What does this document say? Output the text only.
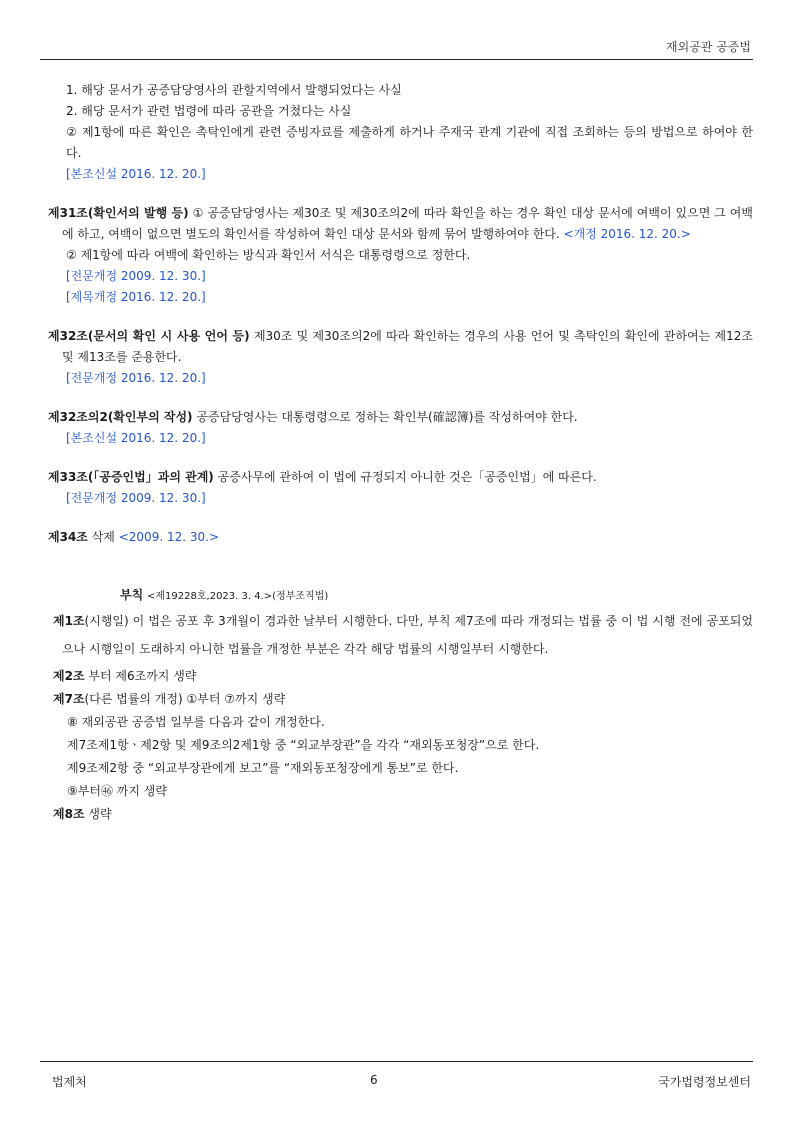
재외공관 공증법
1. 해당 문서가 공증담당영사의 관할지역에서 발행되었다는 사실
2. 해당 문서가 관련 법령에 따라 공관을 거쳤다는 사실
② 제1항에 따른 확인은 촉탁인에게 관련 증빙자료를 제출하게 하거나 주재국 관계 기관에 직접 조회하는 등의 방법으로 하여야 한다.
[본조신설 2016. 12. 20.]
제31조(확인서의 발행 등) ① 공증담당영사는 제30조 및 제30조의2에 따라 확인을 하는 경우 확인 대상 문서에 여백이 있으면 그 여백에 하고, 여백이 없으면 별도의 확인서를 작성하여 확인 대상 문서와 함께 묶어 발행하여야 한다. <개정 2016. 12. 20.>
② 제1항에 따라 여백에 확인하는 방식과 확인서 서식은 대통령령으로 정한다.
[전문개정 2009. 12. 30.]
[제목개정 2016. 12. 20.]
제32조(문서의 확인 시 사용 언어 등) 제30조 및 제30조의2에 따라 확인하는 경우의 사용 언어 및 촉탁인의 확인에 관하여는 제12조 및 제13조를 준용한다.
[전문개정 2016. 12. 20.]
제32조의2(확인부의 작성) 공증담당영사는 대통령령으로 정하는 확인부(確認簿)를 작성하여야 한다.
[본조신설 2016. 12. 20.]
제33조(「공증인법」과의 관계) 공증사무에 관하여 이 법에 규정되지 아니한 것은「공증인법」에 따른다.
[전문개정 2009. 12. 30.]
제34조 삭제 <2009. 12. 30.>
부칙 <제19228호,2023. 3. 4.>(정부조직법)
제1조(시행일) 이 법은 공포 후 3개월이 경과한 날부터 시행한다. 다만, 부칙 제7조에 따라 개정되는 법률 중 이 법 시행 전에 공포되었으나 시행일이 도래하지 아니한 법률을 개정한 부분은 각각 해당 법률의 시행일부터 시행한다.
제2조 부터 제6조까지 생략
제7조(다른 법률의 개정) ①부터 ⑦까지 생략
⑧ 재외공관 공증법 일부를 다음과 같이 개정한다.
제7조제1항ㆍ제2항 및 제9조의2제1항 중 “외교부장관”을 각각 “재외동포청장”으로 한다.
제9조제2항 중 “외교부장관에게 보고”를 “재외동포청장에게 통보”로 한다.
⑨부터㊻ 까지 생략
제8조 생략
법제처	6	국가법령정보센터
